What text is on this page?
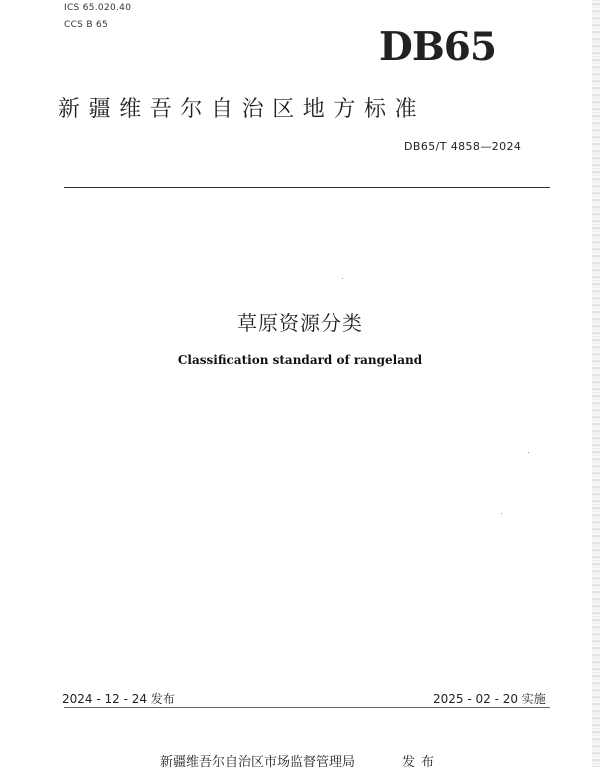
ICS 65.020.40
CCS B 65	DB65
新疆维吾尔自治区地方标准
DB65/T 4858—2024
草原资源分类
Classification standard of rangeland
2024 - 12 - 24 发布	2025 - 02 - 20 实施
新疆维吾尔自治区市场监督管理局	发布
